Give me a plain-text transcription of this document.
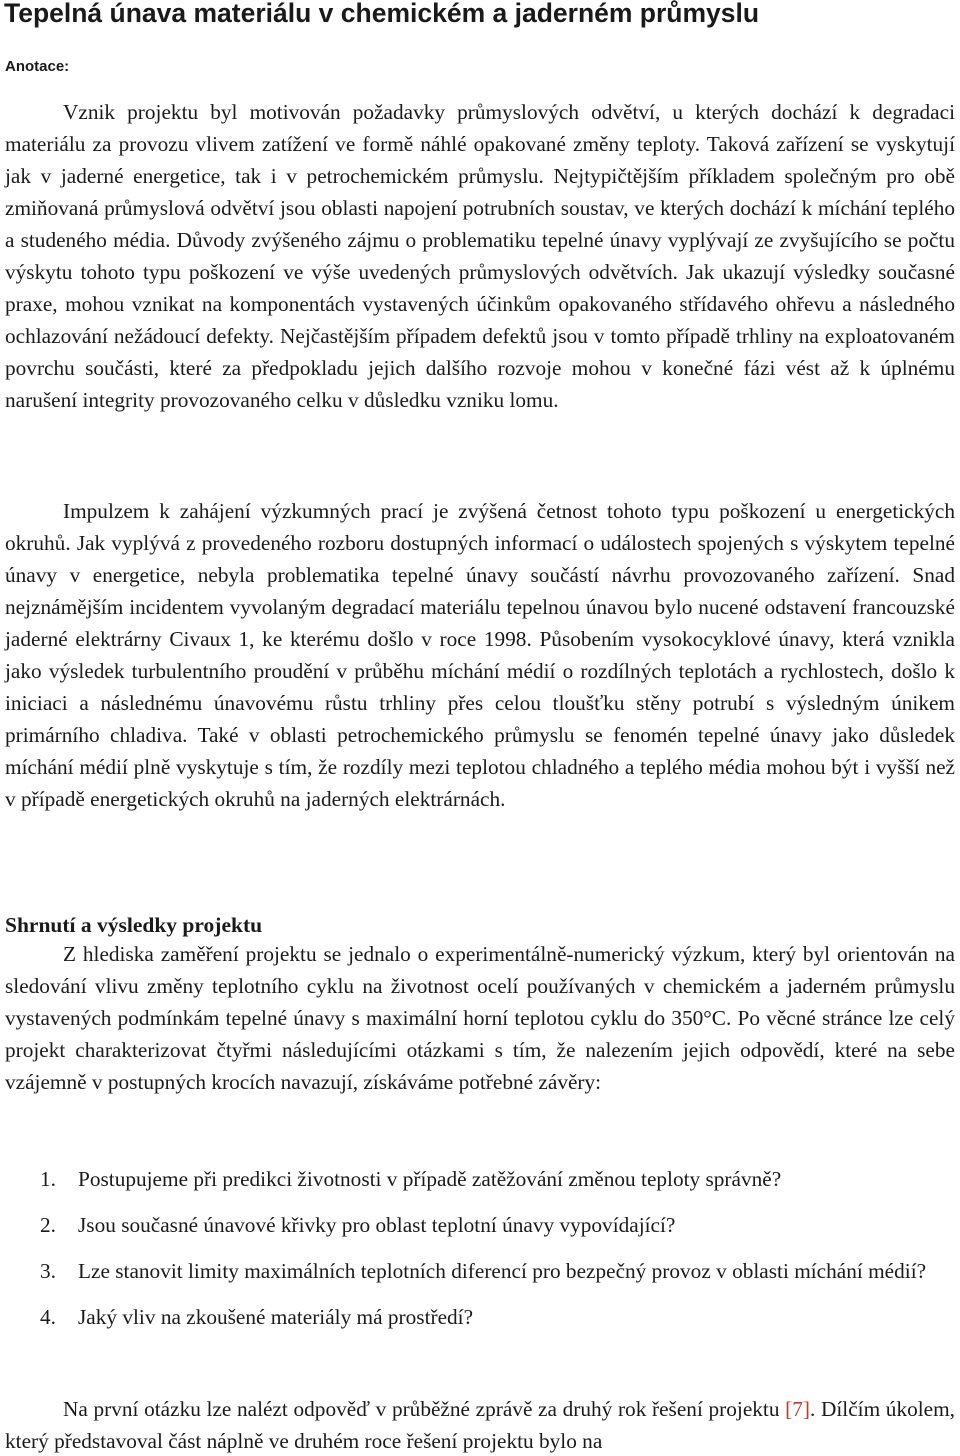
Tepelná únava materiálu v chemickém a jaderném průmyslu
Anotace:

Vznik projektu byl motivován požadavky průmyslových odvětví, u kterých dochází k degradaci materiálu za provozu vlivem zatížení ve formě náhlé opakované změny teploty. Taková zařízení se vyskytují jak v jaderné energetice, tak i v petrochemickém průmyslu. Nejtypičtějším příkladem společným pro obě zmiňovaná průmyslová odvětví jsou oblasti napojení potrubních soustav, ve kterých dochází k míchání teplého a studeného média. Důvody zvýšeného zájmu o problematiku tepelné únavy vyplývají ze zvyšujícího se počtu výskytu tohoto typu poškození ve výše uvedených průmyslových odvětvích. Jak ukazují výsledky současné praxe, mohou vznikat na komponentách vystavených účinkům opakovaného střídavého ohřevu a následného ochlazování nežádoucí defekty. Nejčastějším případem defektů jsou v tomto případě trhliny na exploatovaném povrchu součásti, které za předpokladu jejich dalšího rozvoje mohou v konečné fázi vést až k úplnému narušení integrity provozovaného celku v důsledku vzniku lomu.

Impulzem k zahájení výzkumných prací je zvýšená četnost tohoto typu poškození u energetických okruhů. Jak vyplývá z provedeného rozboru dostupných informací o událostech spojených s výskytem tepelné únavy v energetice, nebyla problematika tepelné únavy součástí návrhu provozovaného zařízení. Snad nejznámějším incidentem vyvolaným degradací materiálu tepelnou únavou bylo nucené odstavení francouzské jaderné elektrárny Civaux 1, ke kterému došlo v roce 1998. Působením vysokocyklové únavy, která vznikla jako výsledek turbulentního proudění v průběhu míchání médií o rozdílných teplotách a rychlostech, došlo k iniciaci a následnému únavovému růstu trhliny přes celou tloušťku stěny potrubí s výsledným únikem primárního chladiva. Také v oblasti petrochemického průmyslu se fenomén tepelné únavy jako důsledek míchání médií plně vyskytuje s tím, že rozdíly mezi teplotou chladného a teplého média mohou být i vyšší než v případě energetických okruhů na jaderných elektrárnách.

Shrnutí a výsledky projektu

Z hlediska zaměření projektu se jednalo o experimentálně-numerický výzkum, který byl orientován na sledování vlivu změny teplotního cyklu na životnost ocelí používaných v chemickém a jaderném průmyslu vystavených podmínkám tepelné únavy s maximální horní teplotou cyklu do 350°C. Po věcné stránce lze celý projekt charakterizovat čtyřmi následujícími otázkami s tím, že nalezením jejich odpovědí, které na sebe vzájemně v postupných krocích navazují, získáváme potřebné závěry:

1. Postupujeme při predikci životnosti v případě zatěžování změnou teploty správně?
2. Jsou současné únavové křivky pro oblast teplotní únavy vypovídající?
3. Lze stanovit limity maximálních teplotních diferencí pro bezpečný provoz v oblasti míchání médií?
4. Jaký vliv na zkoušené materiály má prostředí?

Na první otázku lze nalézt odpověď v průběžné zprávě za druhý rok řešení projektu [7]. Dílčím úkolem, který představoval část náplně ve druhém roce řešení projektu bylo na
